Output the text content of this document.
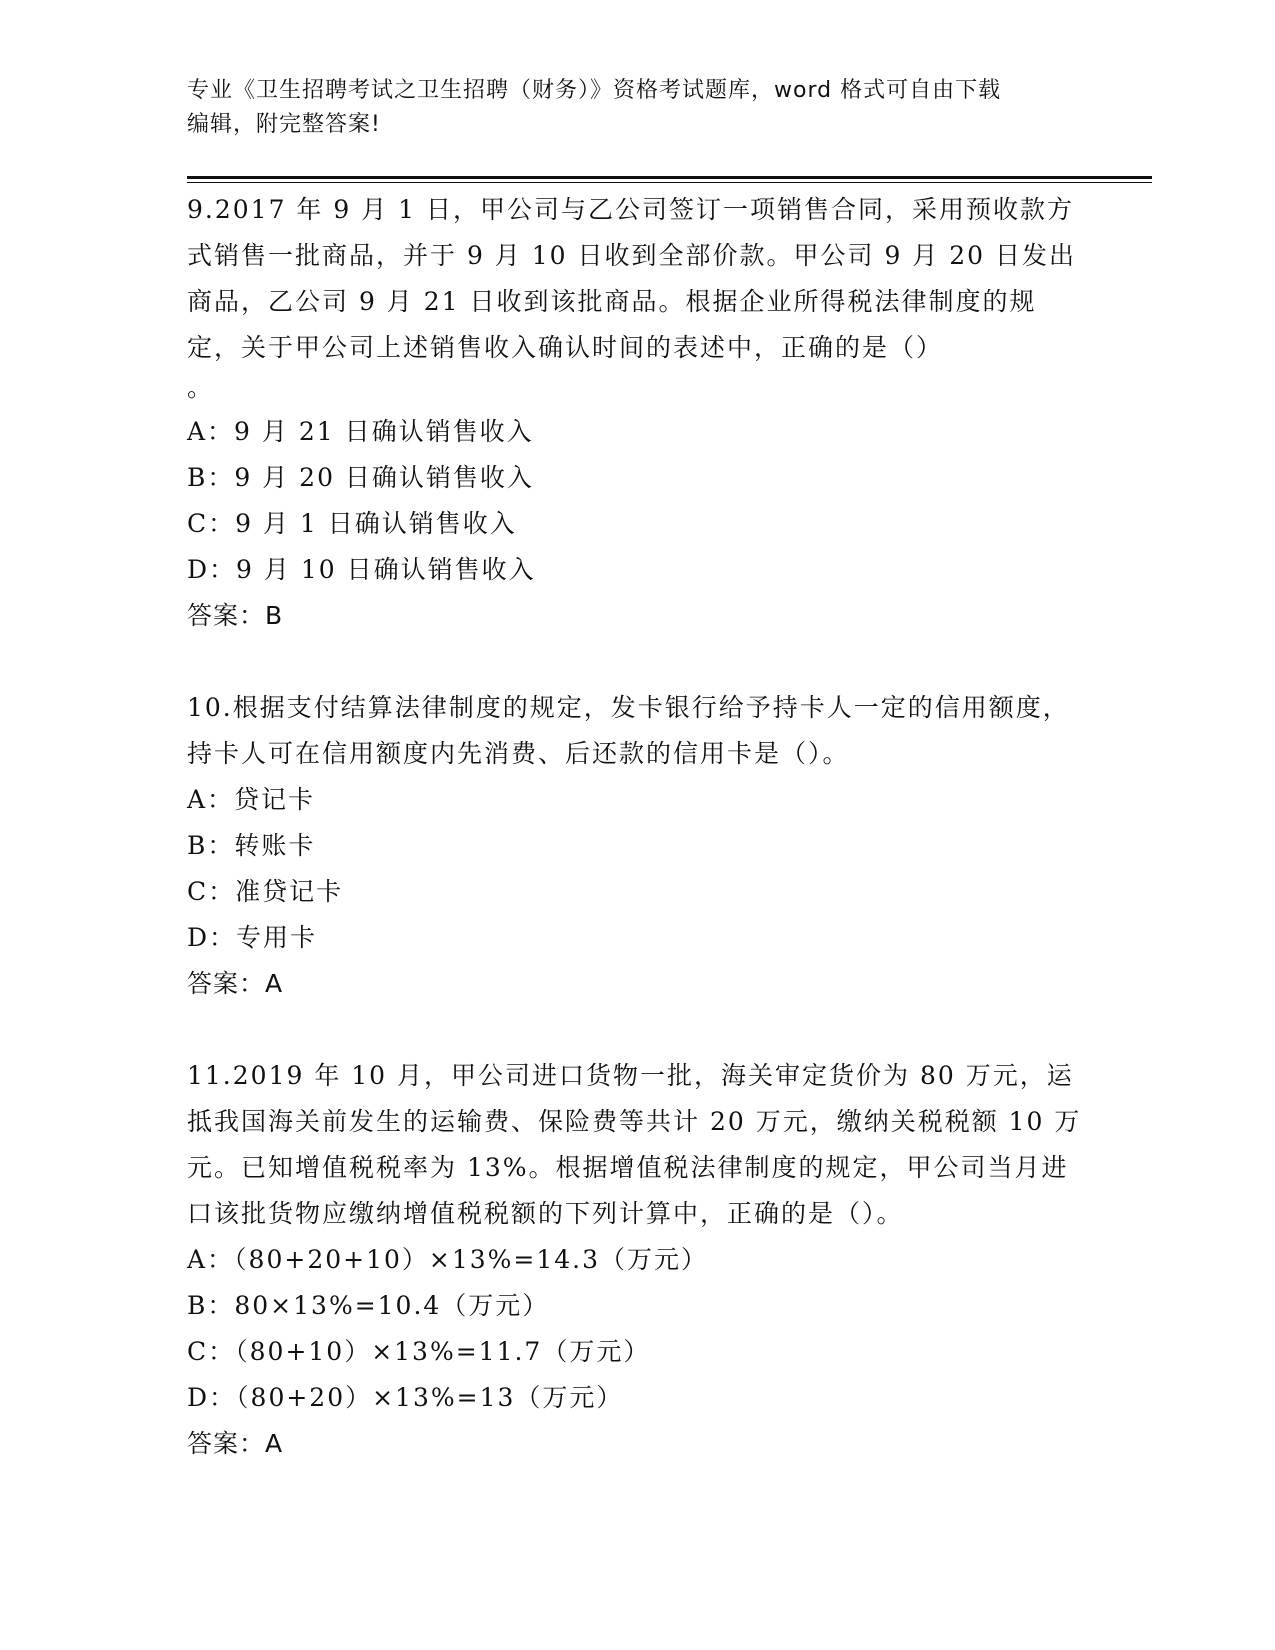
专业《卫生招聘考试之卫生招聘（财务）》资格考试题库，word 格式可自由下载
编辑，附完整答案!

9.2017 年 9 月 1 日，甲公司与乙公司签订一项销售合同，采用预收款方式销售一批商品，并于 9 月 10 日收到全部价款。甲公司 9 月 20 日发出商品，乙公司 9 月 21 日收到该批商品。根据企业所得税法律制度的规定，关于甲公司上述销售收入确认时间的表述中，正确的是（）

。

A：9 月 21 日确认销售收入

B：9 月 20 日确认销售收入

C：9 月 1 日确认销售收入

D：9 月 10 日确认销售收入

答案：B

10.根据支付结算法律制度的规定，发卡银行给予持卡人一定的信用额度，持卡人可在信用额度内先消费、后还款的信用卡是（）。

A：贷记卡

B：转账卡

C：准贷记卡

D：专用卡

答案：A

11.2019 年 10 月，甲公司进口货物一批，海关审定货价为 80 万元，运抵我国海关前发生的运输费、保险费等共计 20 万元，缴纳关税税额 10 万元。已知增值税税率为 13%。根据增值税法律制度的规定，甲公司当月进口该批货物应缴纳增值税税额的下列计算中，正确的是（）。

A：（80+20+10）×13%=14.3（万元）

B：80×13%=10.4（万元）

C：（80+10）×13%=11.7（万元）

D：（80+20）×13%=13（万元）

答案：A
